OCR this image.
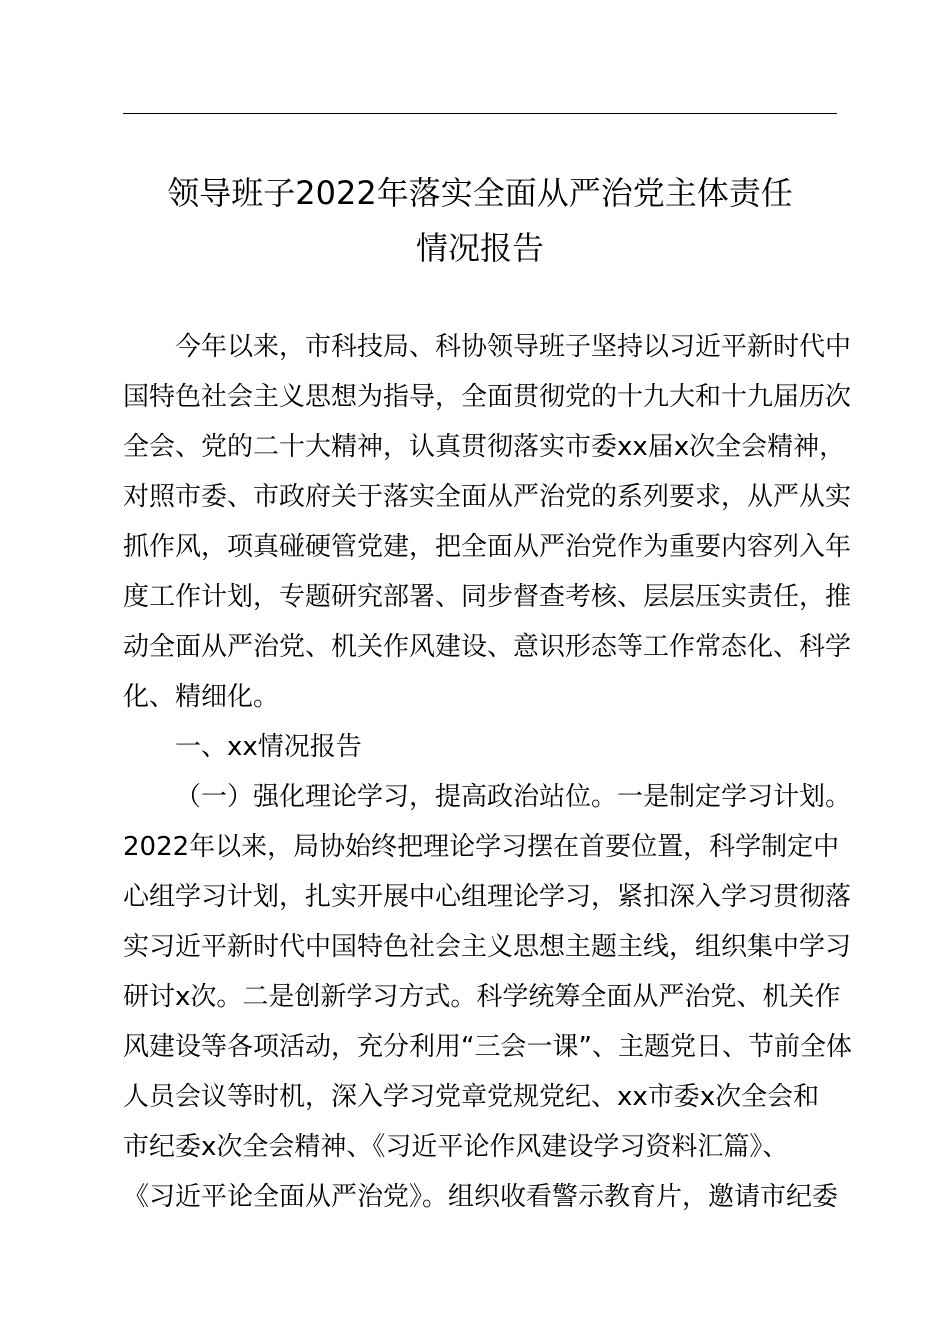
领导班子2022年落实全面从严治党主体责任
情况报告
今年以来，市科技局、科协领导班子坚持以习近平新时代中
国特色社会主义思想为指导，全面贯彻党的十九大和十九届历次
全会、党的二十大精神，认真贯彻落实市委xx届x次全会精神，
对照市委、市政府关于落实全面从严治党的系列要求，从严从实
抓作风，项真碰硬管党建，把全面从严治党作为重要内容列入年
度工作计划，专题研究部署、同步督查考核、层层压实责任，推
动全面从严治党、机关作风建设、意识形态等工作常态化、科学
化、精细化。
一、xx情况报告
（一）强化理论学习，提高政治站位。一是制定学习计划。
2022年以来，局协始终把理论学习摆在首要位置，科学制定中
心组学习计划，扎实开展中心组理论学习，紧扣深入学习贯彻落
实习近平新时代中国特色社会主义思想主题主线，组织集中学习
研讨x次。二是创新学习方式。科学统筹全面从严治党、机关作
风建设等各项活动，充分利用“三会一课”、主题党日、节前全体
人员会议等时机，深入学习党章党规党纪、xx市委x次全会和
市纪委x次全会精神、《习近平论作风建设学习资料汇篇》、
《习近平论全面从严治党》。组织收看警示教育片，邀请市纪委
